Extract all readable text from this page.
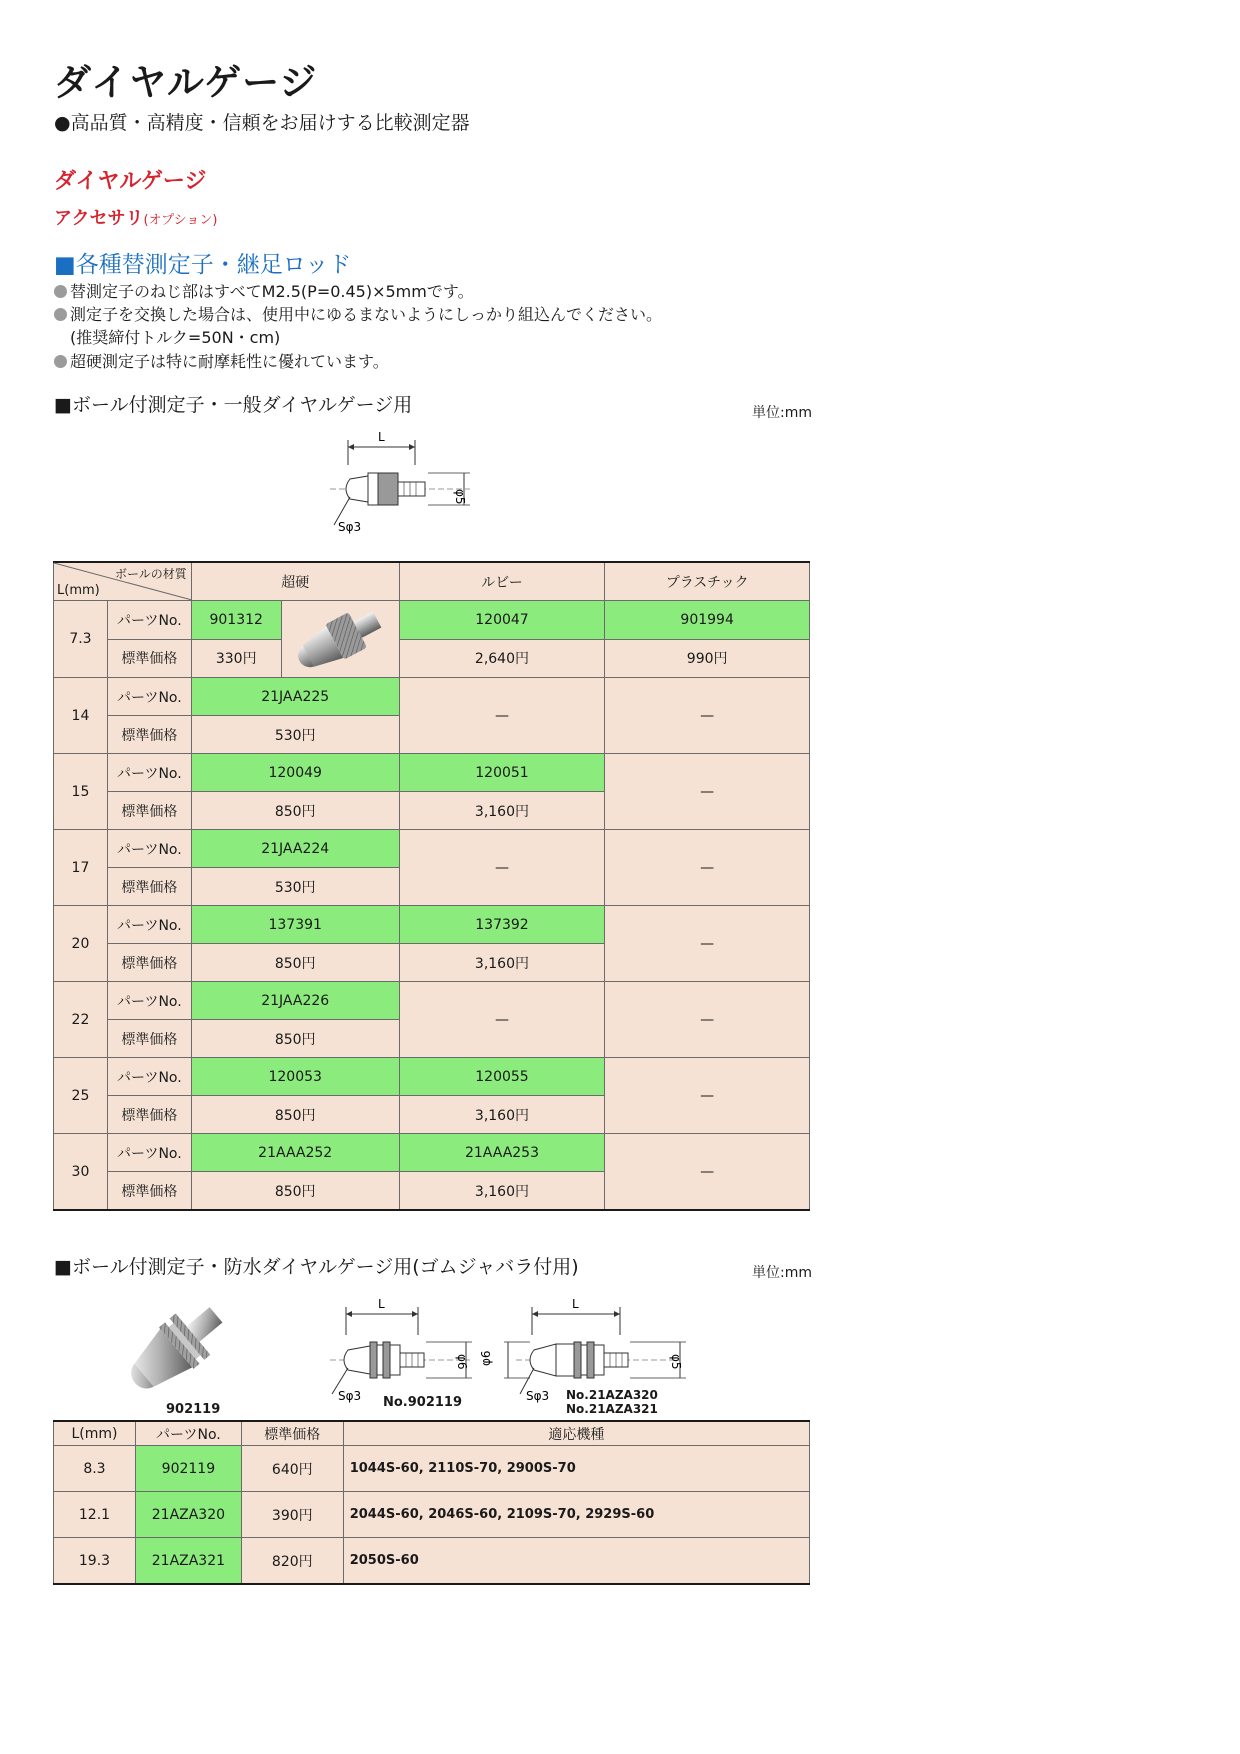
ダイヤルゲージ
●高品質・高精度・信頼をお届けする比較測定器
ダイヤルゲージ
アクセサリ(オプション)
■各種替測定子・継足ロッド
替測定子のねじ部はすべてM2.5(P=0.45)×5mmです。
測定子を交換した場合は、使用中にゆるまないようにしっかり組込んでください。
(推奨締付トルク=50N・cm)
超硬測定子は特に耐摩耗性に優れています。
■ボール付測定子・一般ダイヤルゲージ用	単位:mm
L
φ5
Sφ3
ボールの材質
L(mm)		超硬		ルビー	プラスチック
7.3	パーツNo.	901312		120047	901994
	標準価格	330円		2,640円	990円
14	パーツNo.	21JAA225		—	—
	標準価格	530円			
15	パーツNo.	120049		120051	—
	標準価格	850円		3,160円	
17	パーツNo.	21JAA224		—	—
	標準価格	530円			
20	パーツNo.	137391		137392	—
	標準価格	850円		3,160円	
22	パーツNo.	21JAA226		—	—
	標準価格	850円			
25	パーツNo.	120053		120055	—
	標準価格	850円		3,160円	
30	パーツNo.	21AAA252		21AAA253	—
	標準価格	850円		3,160円	
■ボール付測定子・防水ダイヤルゲージ用(ゴムジャバラ付用)	単位:mm
902119
L
φ6
Sφ3 No.902119
L
φ6	φ5
Sφ3 No.21AZA320
No.21AZA321
L(mm)	パーツNo.	標準価格	適応機種
8.3	902119	640円	1044S-60, 2110S-70, 2900S-70
12.1	21AZA320	390円	2044S-60, 2046S-60, 2109S-70, 2929S-60
19.3	21AZA321	820円	2050S-60
